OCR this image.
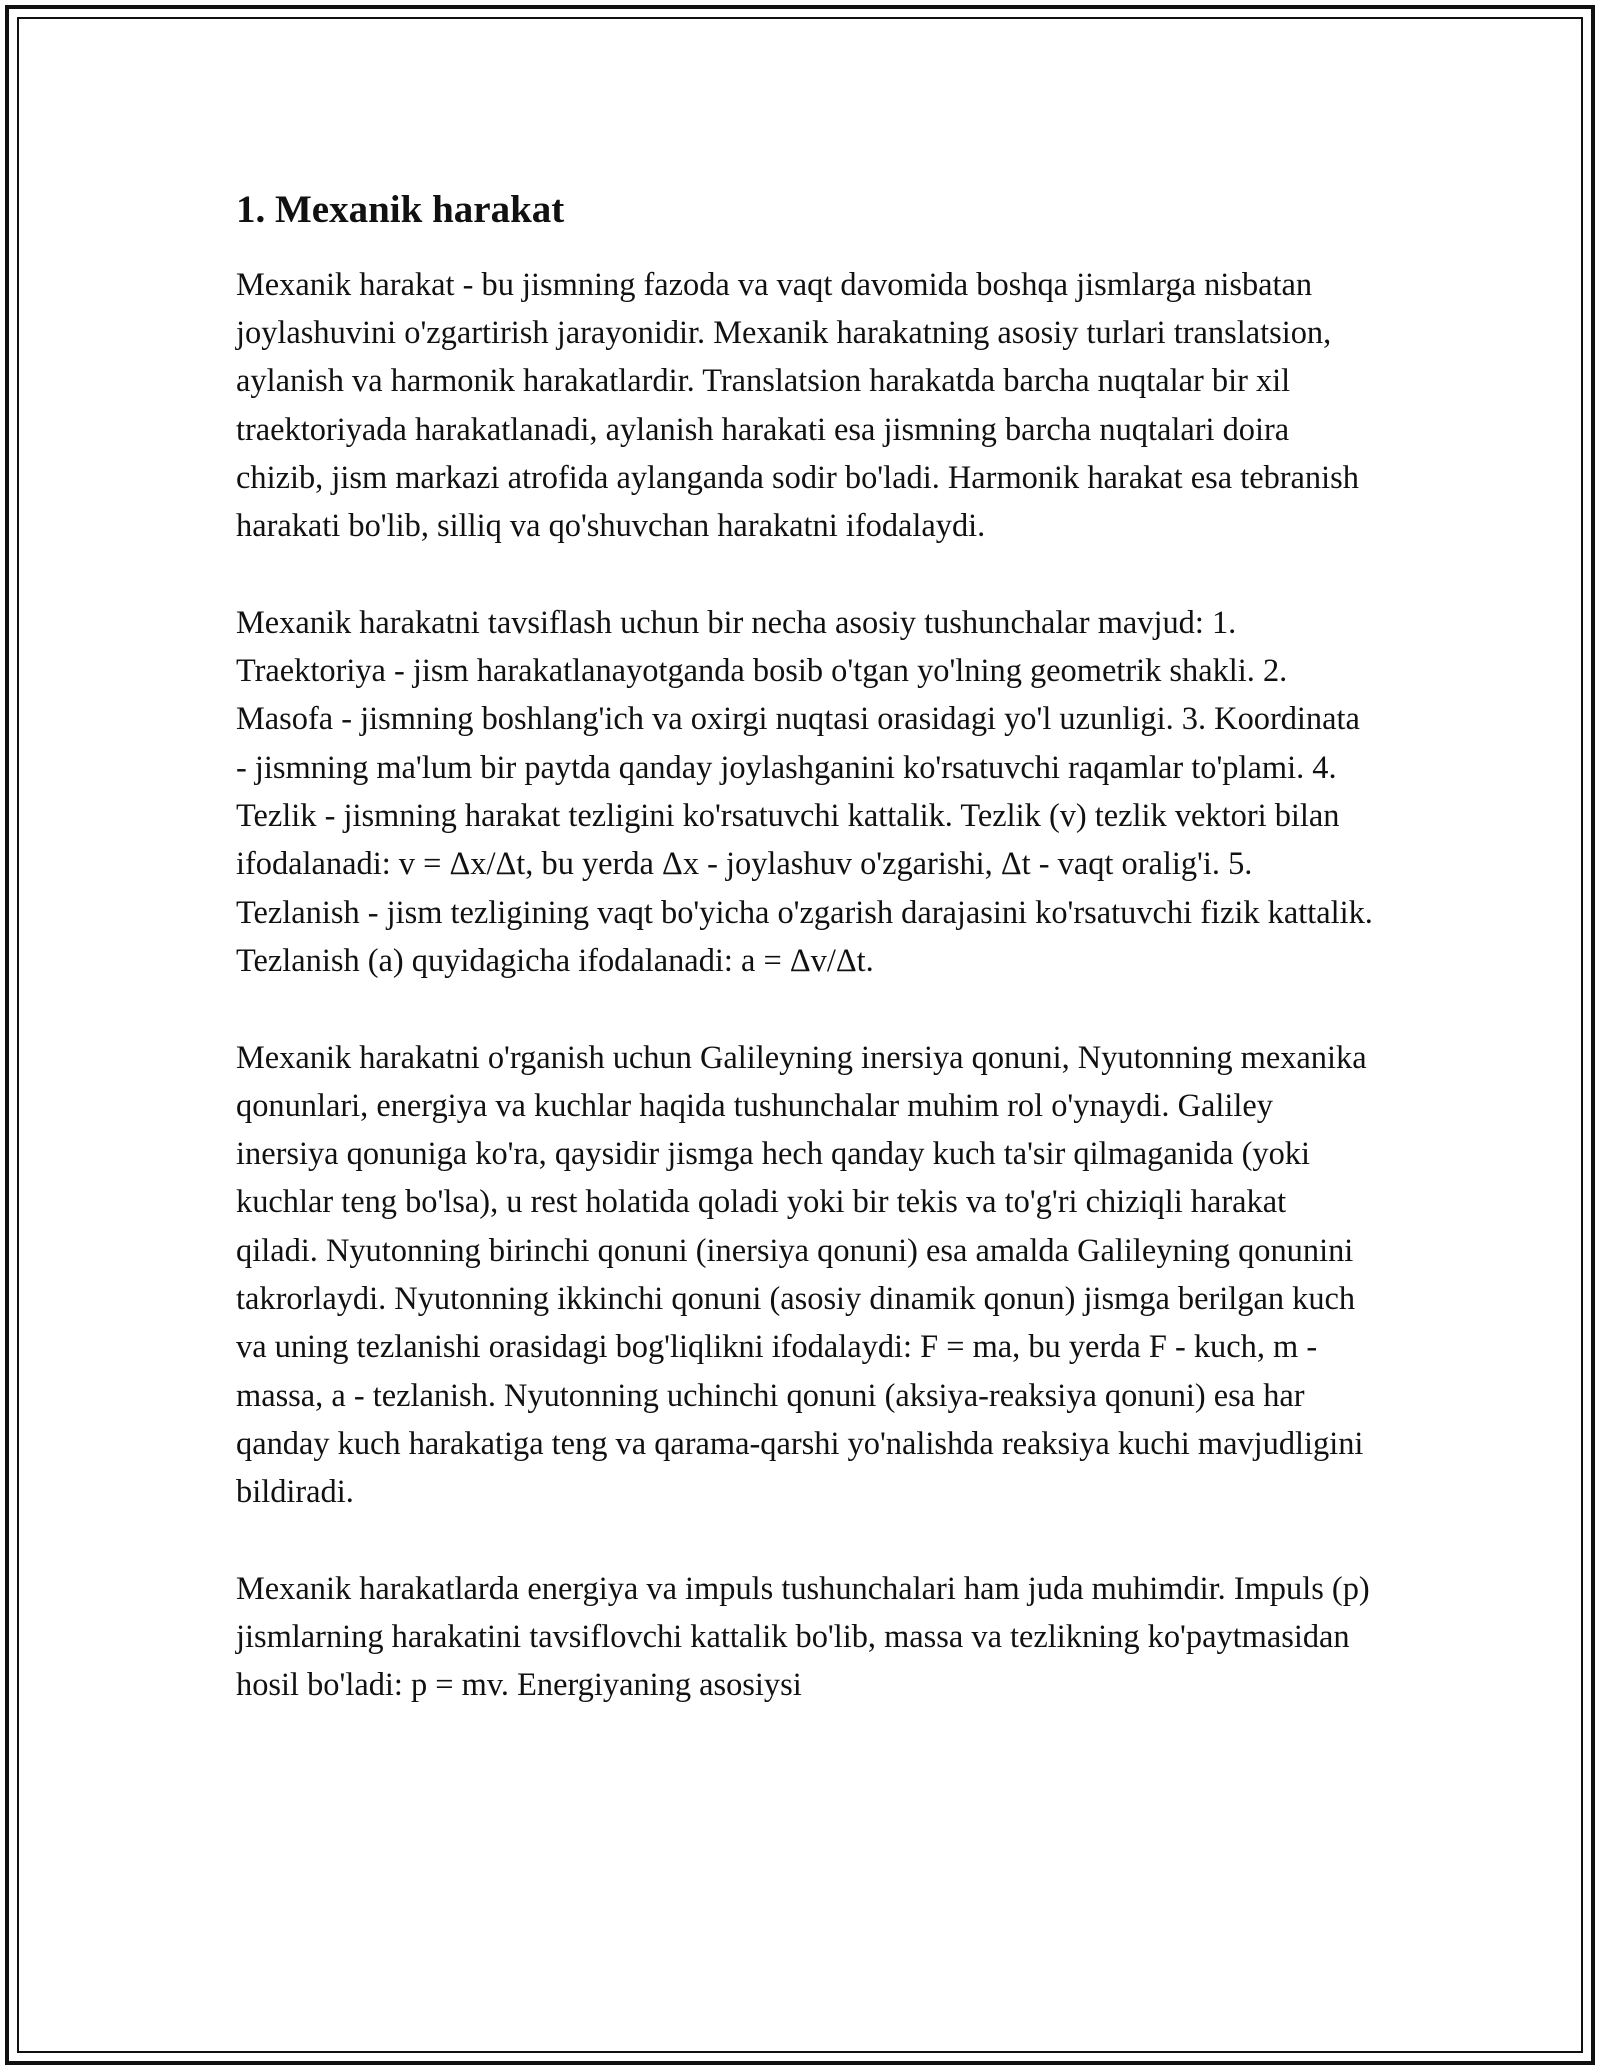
1. Mexanik harakat

Mexanik harakat - bu jismning fazoda va vaqt davomida boshqa jismlarga nisbatan joylashuvini o'zgartirish jarayonidir. Mexanik harakatning asosiy turlari translatsion, aylanish va harmonik harakatlardir. Translatsion harakatda barcha nuqtalar bir xil traektoriyada harakatlanadi, aylanish harakati esa jismning barcha nuqtalari doira chizib, jism markazi atrofida aylanganda sodir bo'ladi. Harmonik harakat esa tebranish harakati bo'lib, silliq va qo'shuvchan harakatni ifodalaydi.

Mexanik harakatni tavsiflash uchun bir necha asosiy tushunchalar mavjud: 1. Traektoriya - jism harakatlanayotganda bosib o'tgan yo'lning geometrik shakli. 2. Masofa - jismning boshlang'ich va oxirgi nuqtasi orasidagi yo'l uzunligi. 3. Koordinata - jismning ma'lum bir paytda qanday joylashganini ko'rsatuvchi raqamlar to'plami. 4. Tezlik - jismning harakat tezligini ko'rsatuvchi kattalik. Tezlik (v) tezlik vektori bilan ifodalanadi: v = Δx/Δt, bu yerda Δx - joylashuv o'zgarishi, Δt - vaqt oralig'i. 5. Tezlanish - jism tezligining vaqt bo'yicha o'zgarish darajasini ko'rsatuvchi fizik kattalik. Tezlanish (a) quyidagicha ifodalanadi: a = Δv/Δt.

Mexanik harakatni o'rganish uchun Galileyning inersiya qonuni, Nyutonning mexanika qonunlari, energiya va kuchlar haqida tushunchalar muhim rol o'ynaydi. Galiley inersiya qonuniga ko'ra, qaysidir jismga hech qanday kuch ta'sir qilmaganida (yoki kuchlar teng bo'lsa), u rest holatida qoladi yoki bir tekis va to'g'ri chiziqli harakat qiladi. Nyutonning birinchi qonuni (inersiya qonuni) esa amalda Galileyning qonunini takrorlaydi. Nyutonning ikkinchi qonuni (asosiy dinamik qonun) jismga berilgan kuch va uning tezlanishi orasidagi bog'liqlikni ifodalaydi: F = ma, bu yerda F - kuch, m - massa, a - tezlanish. Nyutonning uchinchi qonuni (aksiya-reaksiya qonuni) esa har qanday kuch harakatiga teng va qarama-qarshi yo'nalishda reaksiya kuchi mavjudligini bildiradi.

Mexanik harakatlarda energiya va impuls tushunchalari ham juda muhimdir. Impuls (p) jismlarning harakatini tavsiflovchi kattalik bo'lib, massa va tezlikning ko'paytmasidan hosil bo'ladi: p = mv. Energiyaning asosiysi
